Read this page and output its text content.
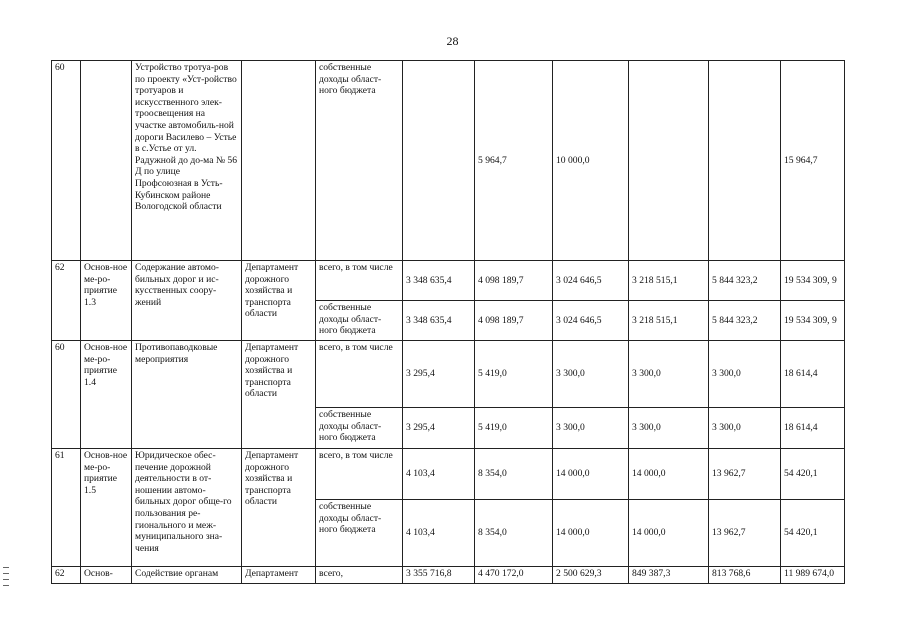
28
60		Устройство тротуа-ров по проекту «Уст-ройство тротуаров и искусственного элек-троосвещения на участке автомобиль-ной дороги Василево – Устье в с.Устье от ул. Радужной до до-ма № 56 Д по улице Профсоюзная в Усть-Кубинском районе Вологодской области		собственные доходы област-ного бюджета		5 964,7	10 000,0			15 964,7
62	Основ-ное ме-ро-приятие 1.3	Содержание автомо-бильных дорог и ис-кусственных соору-жений	Департамент дорожного хозяйства и транспорта области	всего, в том числе	3 348 635,4	4 098 189,7	3 024 646,5	3 218 515,1	5 844 323,2	19 534 309, 9
				собственные доходы област-ного бюджета	3 348 635,4	4 098 189,7	3 024 646,5	3 218 515,1	5 844 323,2	19 534 309, 9
60	Основ-ное ме-ро-приятие 1.4	Противопаводковые мероприятия	Департамент дорожного хозяйства и транспорта области	всего, в том числе	3 295,4	5 419,0	3 300,0	3 300,0	3 300,0	18 614,4
				собственные доходы област-ного бюджета	3 295,4	5 419,0	3 300,0	3 300,0	3 300,0	18 614,4
61	Основ-ное ме-ро-приятие 1.5	Юридическое обес-печение дорожной деятельности в от-ношении автомо-бильных дорог обще-го пользования ре-гионального и меж-муниципального зна-чения	Департамент дорожного хозяйства и транспорта области	всего, в том числе	4 103,4	8 354,0	14 000,0	14 000,0	13 962,7	54 420,1
				собственные доходы област-ного бюджета	4 103,4	8 354,0	14 000,0	14 000,0	13 962,7	54 420,1
62	Основ-	Содействие органам	Департамент	всего,	3 355 716,8	4 470 172,0	2 500 629,3	849 387,3	813 768,6	11 989 674,0
